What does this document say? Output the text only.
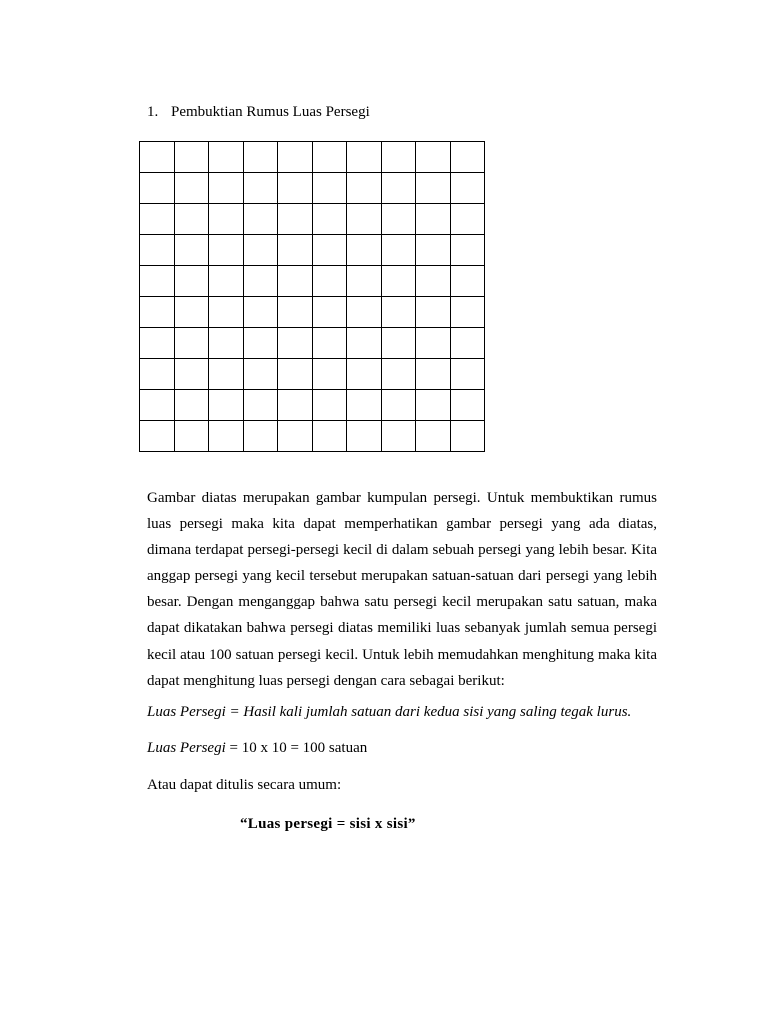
1. Pembuktian Rumus Luas Persegi

Gambar diatas merupakan gambar kumpulan persegi. Untuk membuktikan rumus luas persegi maka kita dapat memperhatikan gambar persegi yang ada diatas, dimana terdapat persegi-persegi kecil di dalam sebuah persegi yang lebih besar. Kita anggap persegi yang kecil tersebut merupakan satuan-satuan dari persegi yang lebih besar. Dengan menganggap bahwa satu persegi kecil merupakan satu satuan, maka dapat dikatakan bahwa persegi diatas memiliki luas sebanyak jumlah semua persegi kecil atau 100 satuan persegi kecil. Untuk lebih memudahkan menghitung maka kita dapat menghitung luas persegi dengan cara sebagai berikut:

Luas Persegi = Hasil kali jumlah satuan dari kedua sisi yang saling tegak lurus.
Luas Persegi = 10 x 10 = 100 satuan
Atau dapat ditulis secara umum:
“Luas persegi = sisi x sisi”
